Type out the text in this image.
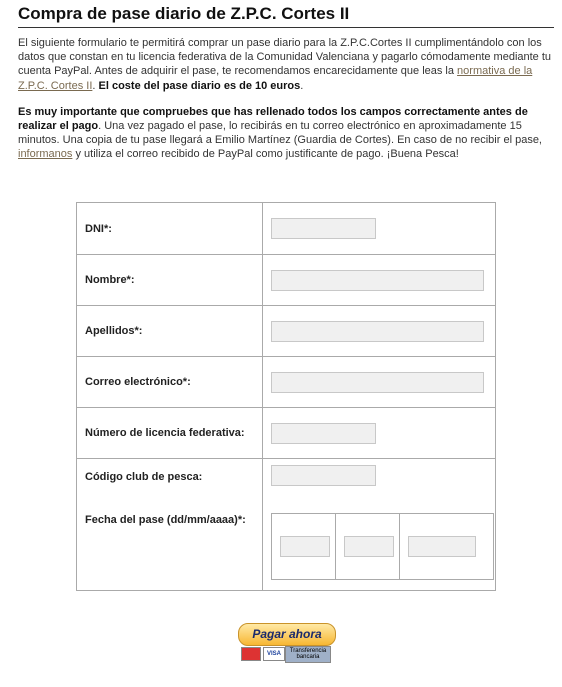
Compra de pase diario de Z.P.C. Cortes II

El siguiente formulario te permitirá comprar un pase diario para la Z.P.C.Cortes II cumplimentándolo con los datos que constan en tu licencia federativa de la Comunidad Valenciana y pagarlo cómodamente mediante tu cuenta PayPal. Antes de adquirir el pase, te recomendamos encarecidamente que leas la normativa de la Z.P.C. Cortes II. El coste del pase diario es de 10 euros.

Es muy importante que compruebes que has rellenado todos los campos correctamente antes de realizar el pago. Una vez pagado el pase, lo recibirás en tu correo electrónico en aproximadamente 15 minutos. Una copia de tu pase llegará a Emilio Martínez (Guardia de Cortes). En caso de no recibir el pase, informanos y utiliza el correo recibido de PayPal como justificante de pago. ¡Buena Pesca!

DNI*:	

Nombre*:	

Apellidos*:	

Correo electrónico*:	

Número de licencia federativa:	

Código club de pesca:
Fecha del pase (dd/mm/aaaa)*:

Pagar ahora
VISA	Transferencia bancaria
